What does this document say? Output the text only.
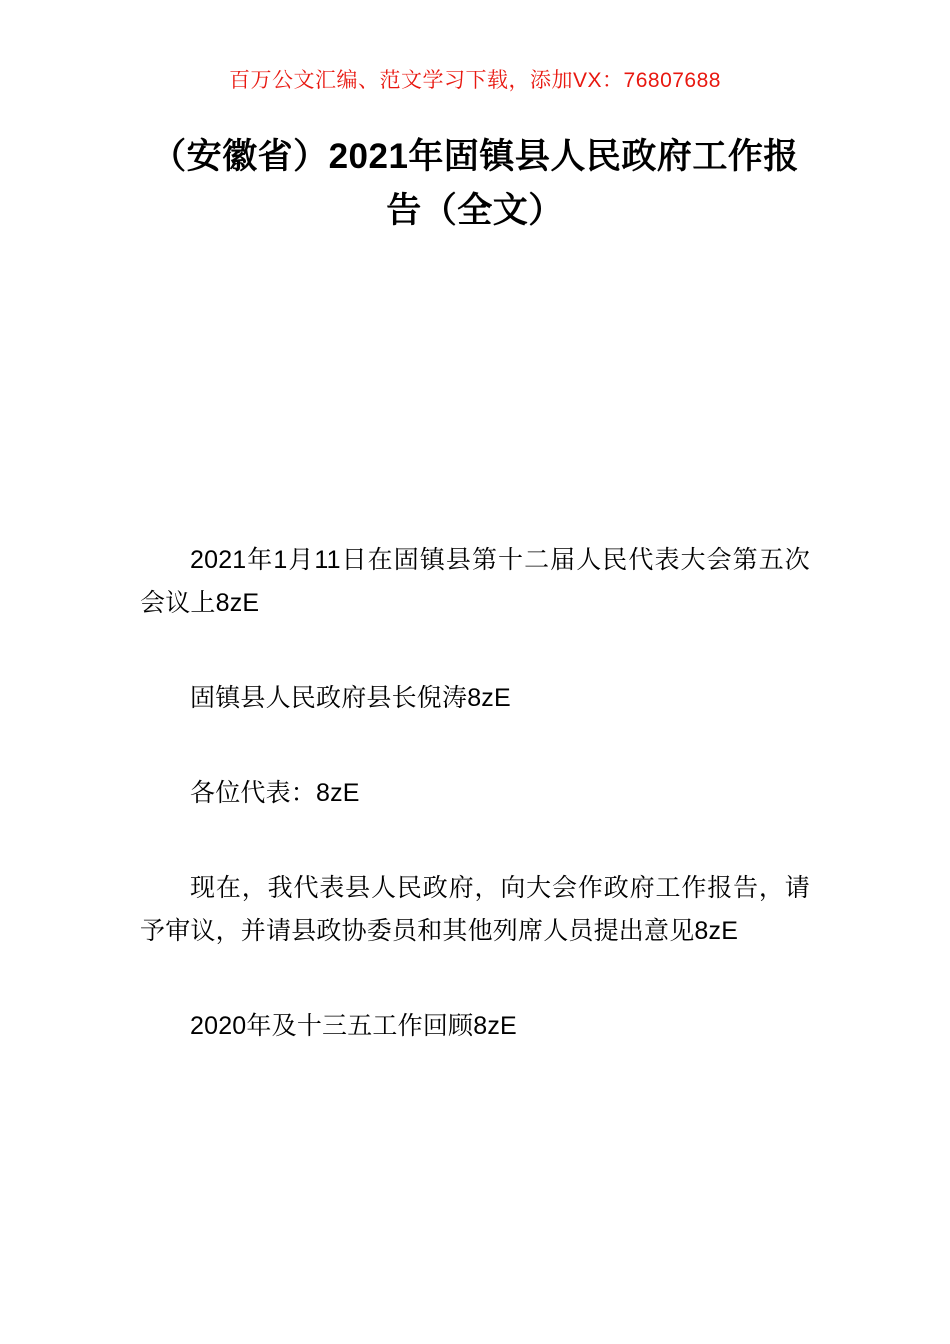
百万公文汇编、范文学习下载，添加VX：76807688
（安徽省）2021年固镇县人民政府工作报告（全文）

2021年1月11日在固镇县第十二届人民代表大会第五次会议上8zE

固镇县人民政府县长倪涛8zE

各位代表：8zE

现在，我代表县人民政府，向大会作政府工作报告，请予审议，并请县政协委员和其他列席人员提出意见8zE

2020年及十三五工作回顾8zE
